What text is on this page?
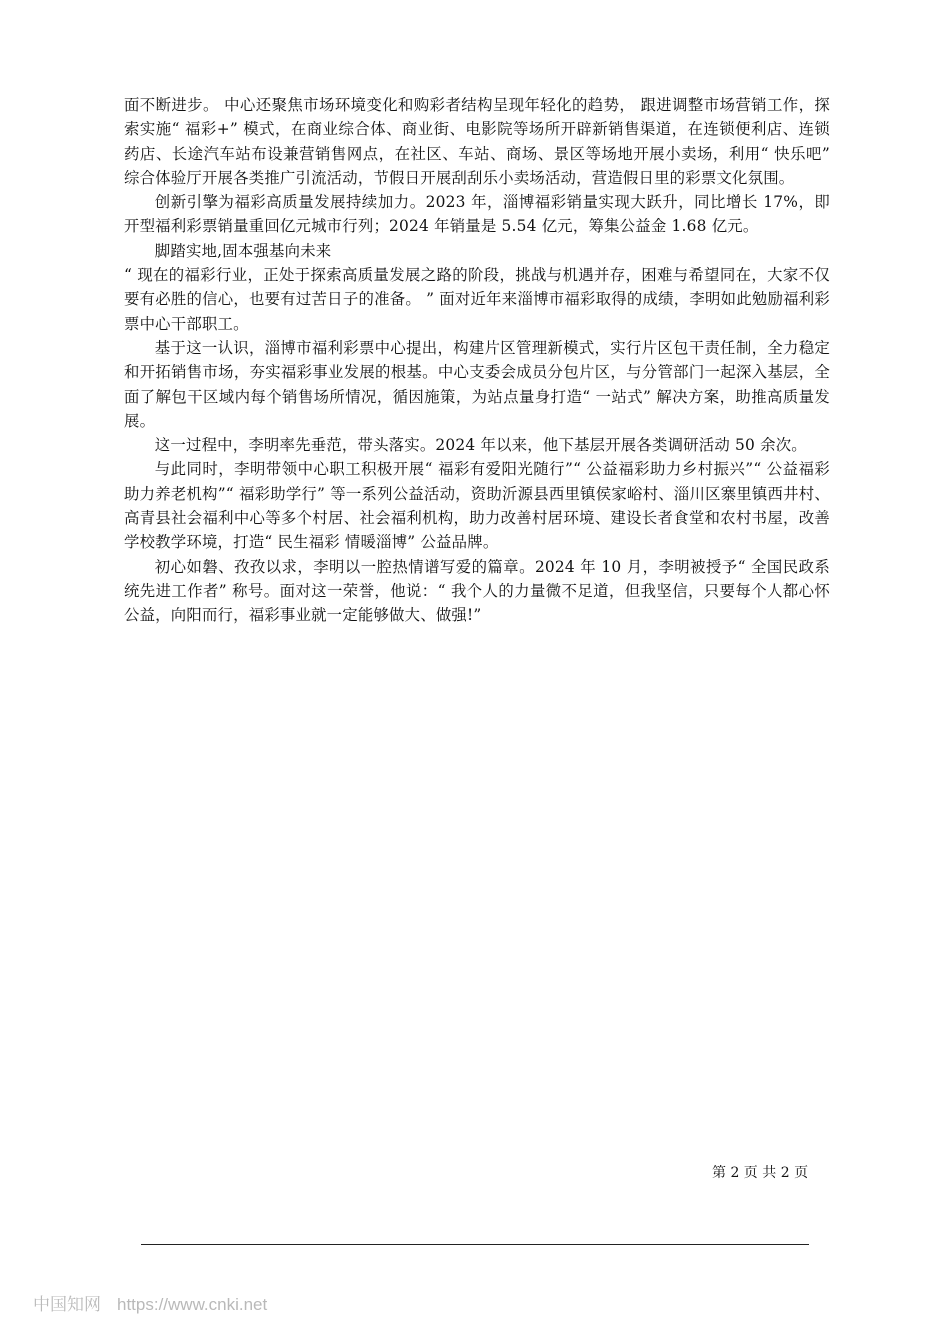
面不断进步。 中心还聚焦市场环境变化和购彩者结构呈现年轻化的趋势， 跟进调整市场营销工作，探索实施“ 福彩+” 模式，在商业综合体、商业街、电影院等场所开辟新销售渠道，在连锁便利店、连锁药店、长途汽车站布设兼营销售网点，在社区、车站、商场、景区等场地开展小卖场，利用“ 快乐吧” 综合体验厅开展各类推广引流活动，节假日开展刮刮乐小卖场活动，营造假日里的彩票文化氛围。

创新引擎为福彩高质量发展持续加力。2023 年，淄博福彩销量实现大跃升，同比增长 17%，即开型福利彩票销量重回亿元城市行列；2024 年销量是 5.54 亿元，筹集公益金 1.68 亿元。

脚踏实地,固本强基向未来

“ 现在的福彩行业，正处于探索高质量发展之路的阶段，挑战与机遇并存，困难与希望同在，大家不仅要有必胜的信心，也要有过苦日子的准备。 ” 面对近年来淄博市福彩取得的成绩，李明如此勉励福利彩票中心干部职工。

基于这一认识，淄博市福利彩票中心提出，构建片区管理新模式，实行片区包干责任制，全力稳定和开拓销售市场，夯实福彩事业发展的根基。中心支委会成员分包片区，与分管部门一起深入基层，全面了解包干区域内每个销售场所情况，循因施策，为站点量身打造“ 一站式” 解决方案，助推高质量发展。

这一过程中，李明率先垂范，带头落实。2024 年以来，他下基层开展各类调研活动 50 余次。

与此同时，李明带领中心职工积极开展“ 福彩有爱阳光随行”“ 公益福彩助力乡村振兴”“ 公益福彩助力养老机构”“ 福彩助学行” 等一系列公益活动，资助沂源县西里镇侯家峪村、淄川区寨里镇西井村、高青县社会福利中心等多个村居、社会福利机构，助力改善村居环境、建设长者食堂和农村书屋，改善学校教学环境，打造“ 民生福彩 情暖淄博” 公益品牌。

初心如磐、孜孜以求，李明以一腔热情谱写爱的篇章。2024 年 10 月，李明被授予“ 全国民政系统先进工作者” 称号。面对这一荣誉，他说：“ 我个人的力量微不足道，但我坚信，只要每个人都心怀公益，向阳而行，福彩事业就一定能够做大、做强!”

第 2 页 共 2 页
中国知网 https://www.cnki.net
